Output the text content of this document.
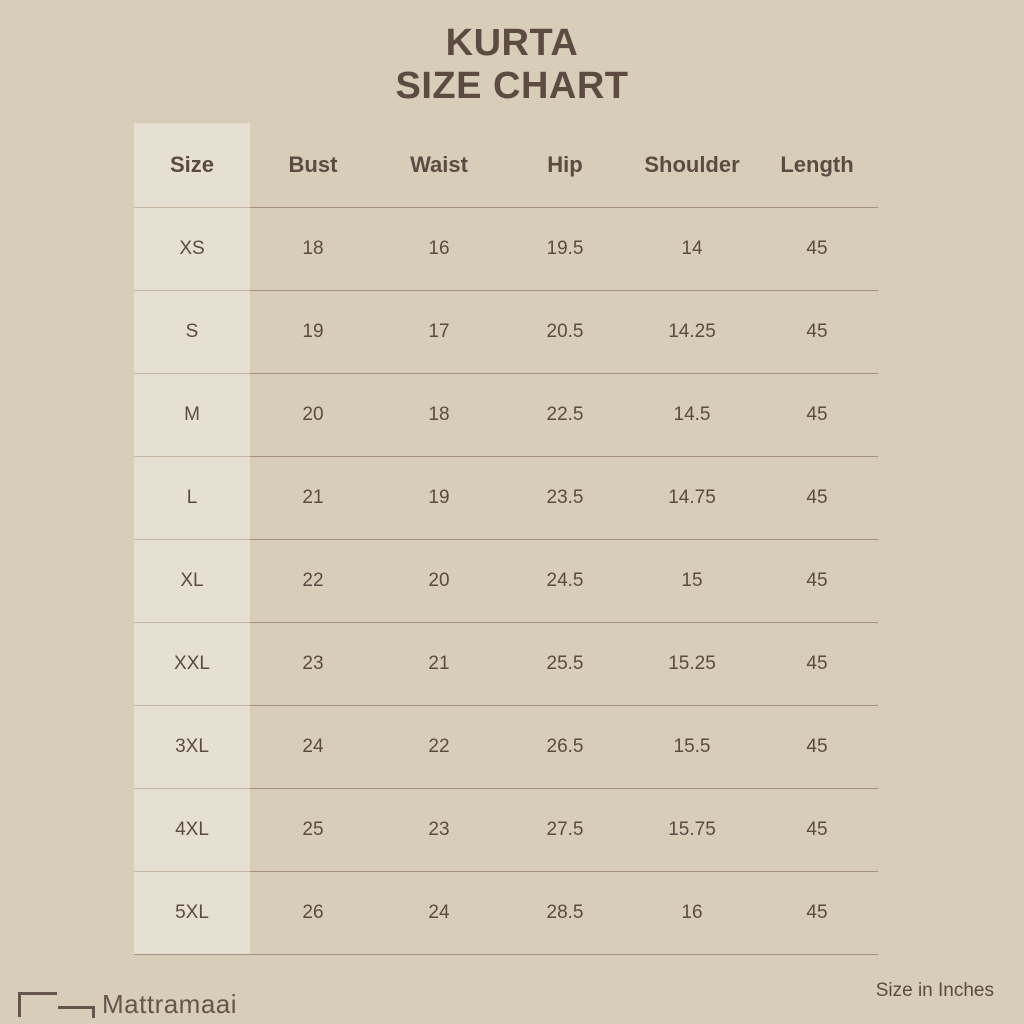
KURTA
SIZE CHART
Size	Bust	Waist	Hip	Shoulder	Length
XS	18	16	19.5	14	45
S	19	17	20.5	14.25	45
M	20	18	22.5	14.5	45
L	21	19	23.5	14.75	45
XL	22	20	24.5	15	45
XXL	23	21	25.5	15.25	45
3XL	24	22	26.5	15.5	45
4XL	25	23	27.5	15.75	45
5XL	26	24	28.5	16	45
Size in Inches
Mattramaai
